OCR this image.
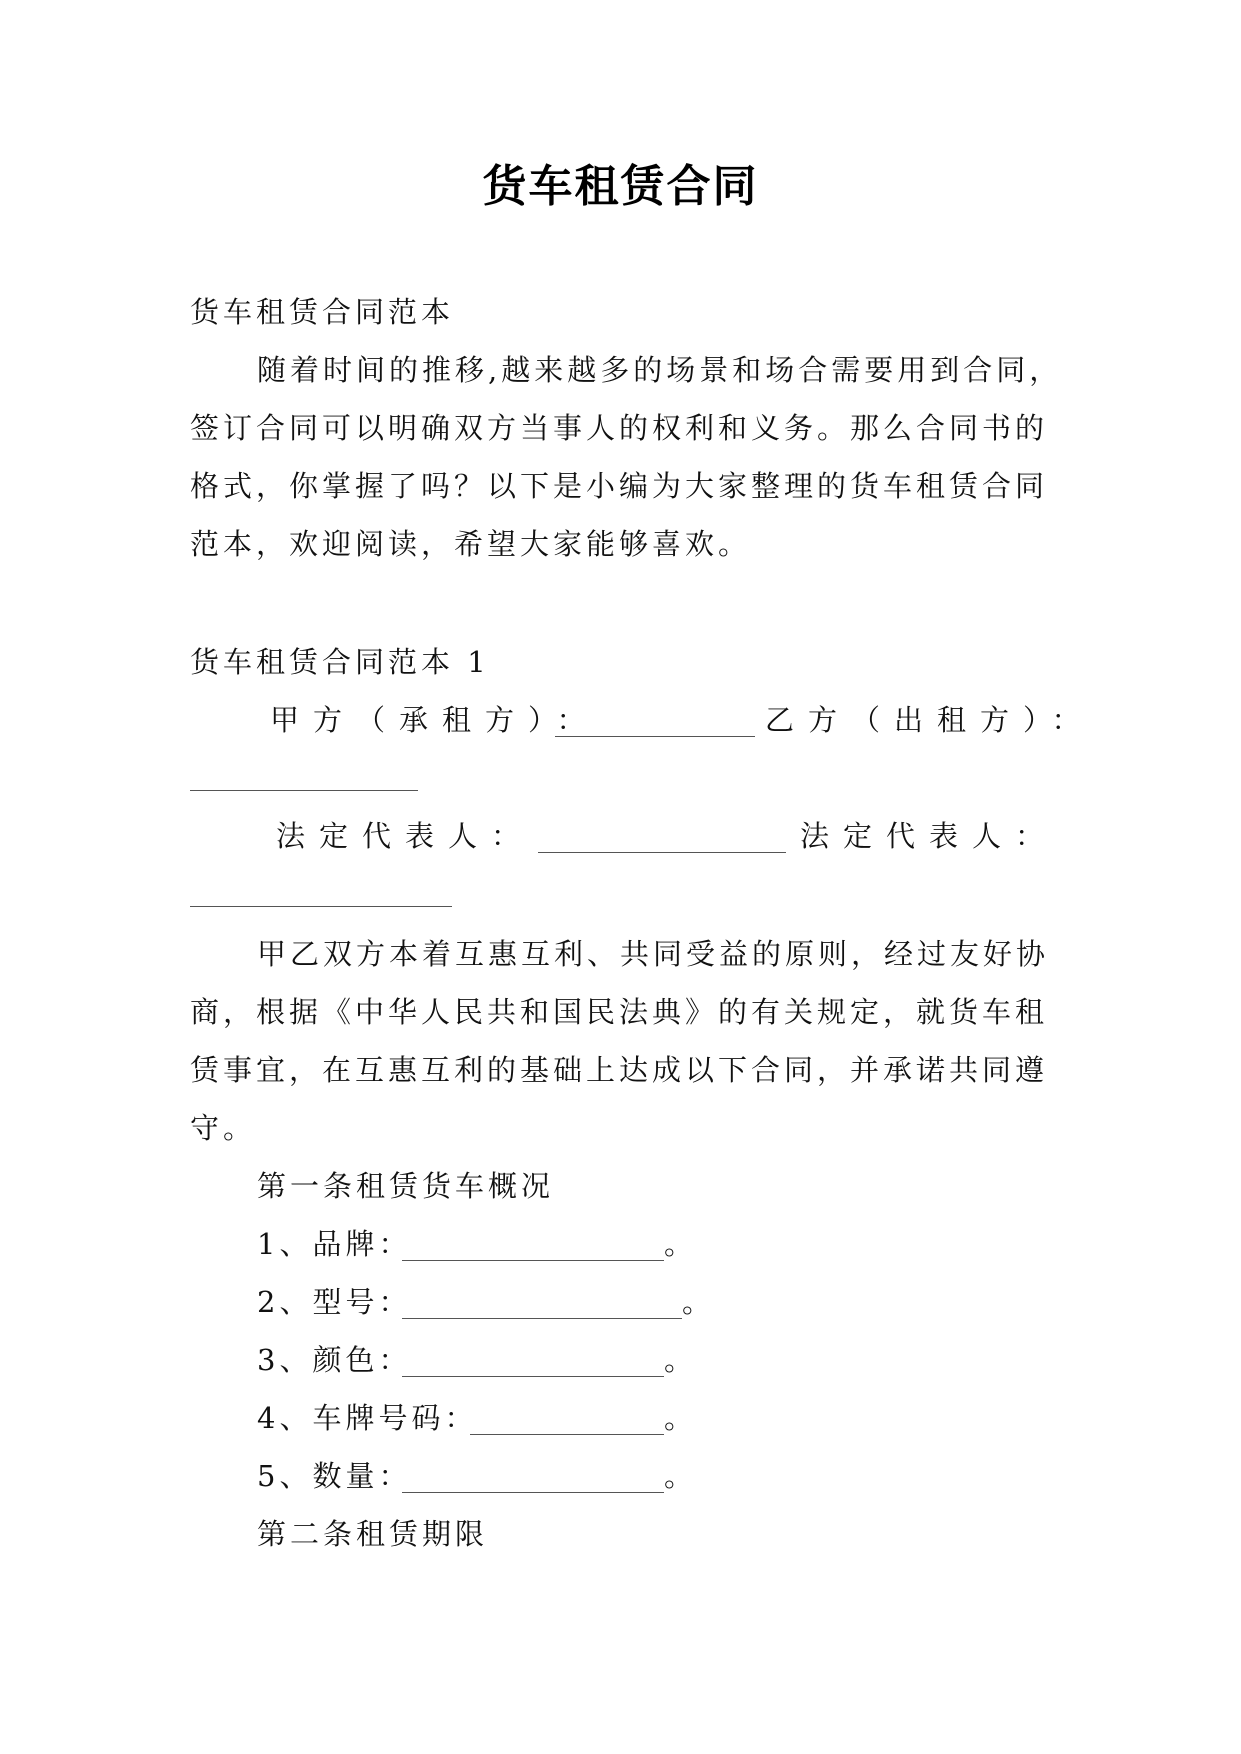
货车租赁合同
货车租赁合同范本
随着时间的推移,越来越多的场景和场合需要用到合同，
签订合同可以明确双方当事人的权利和义务。那么合同书的
格式，你掌握了吗？以下是小编为大家整理的货车租赁合同
范本，欢迎阅读，希望大家能够喜欢。
货车租赁合同范本 1
甲方（承租方）：	乙方（出租方）：
法定代表人：	法定代表人：
甲乙双方本着互惠互利、共同受益的原则，经过友好协
商，根据《中华人民共和国民法典》的有关规定，就货车租
赁事宜，在互惠互利的基础上达成以下合同，并承诺共同遵
守。
第一条租赁货车概况
1、品牌：	。
2、型号：	。
3、颜色：	。
4、车牌号码：	。
5、数量：	。
第二条租赁期限
